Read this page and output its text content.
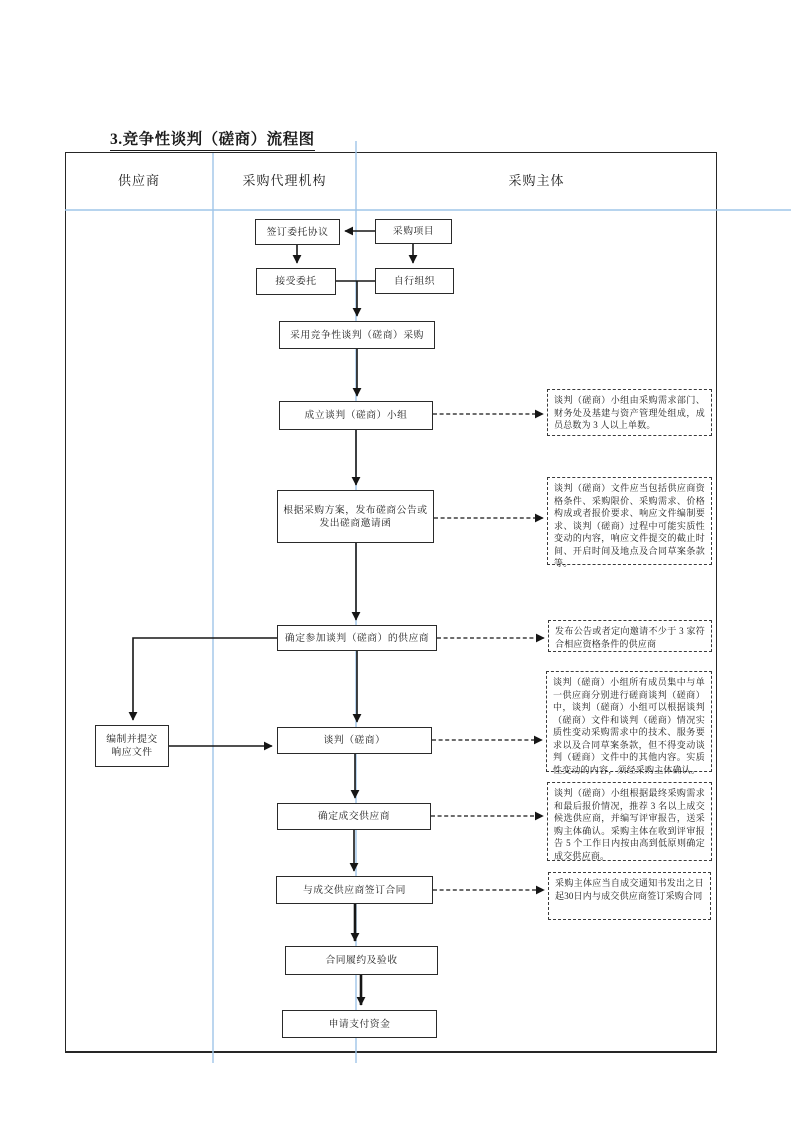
3.竞争性谈判（磋商）流程图
供应商	采购代理机构	采购主体
签订委托协议	采购项目
接受委托	自行组织
采用竞争性谈判（磋商）采购
成立谈判（磋商）小组
根据采购方案，发布磋商公告或
发出磋商邀请函
确定参加谈判（磋商）的供应商
编制并提交
响应文件
谈判（磋商）
确定成交供应商
与成交供应商签订合同
合同履约及验收
申请支付资金
谈判（磋商）小组由采购需求部门、财务处及基建与资产管理处组成，成员总数为 3 人以上单数。
谈判（磋商）文件应当包括供应商资格条件、采购限价、采购需求、价格构成或者报价要求、响应文件编制要求、谈判（磋商）过程中可能实质性变动的内容，响应文件提交的截止时间、开启时间及地点及合同草案条款等。
发布公告或者定向邀请不少于 3 家符合相应资格条件的供应商
谈判（磋商）小组所有成员集中与单一供应商分别进行磋商谈判（磋商）中，谈判（磋商）小组可以根据谈判（磋商）文件和谈判（磋商）情况实质性变动采购需求中的技术、服务要求以及合同草案条款，但不得变动谈判（磋商）文件中的其他内容。实质性变动的内容，须经采购主体确认。
谈判（磋商）小组根据最终采购需求和最后报价情况，推荐 3 名以上成交候选供应商，并编写评审报告，送采购主体确认。采购主体在收到评审报告 5 个工作日内按由高到低原则确定成交供应商。
采购主体应当自成交通知书发出之日起30日内与成交供应商签订采购合同
